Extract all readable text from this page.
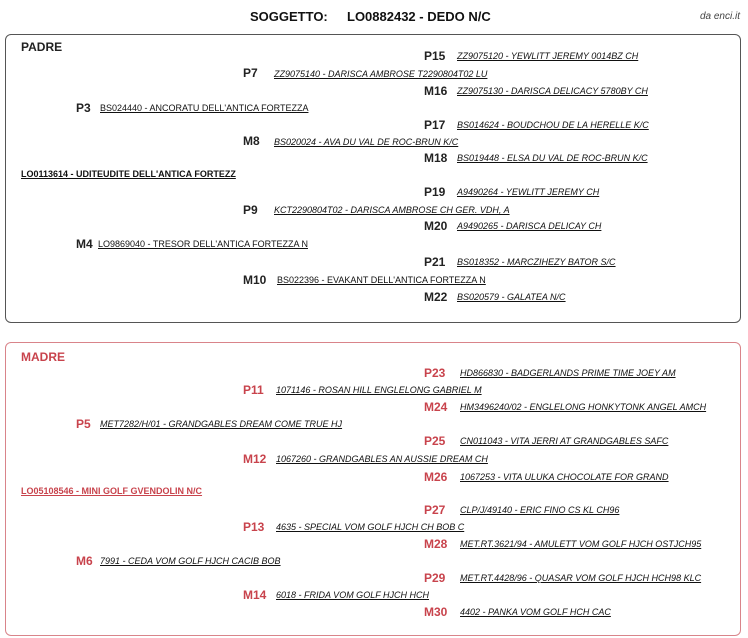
SOGGETTO: LO0882432 - DEDO N/C	da enci.it
PADRE
P15 ZZ9075120 - YEWLITT JEREMY 0014BZ CH
P7 ZZ9075140 - DARISCA AMBROSE T2290804T02 LU
M16 ZZ9075130 - DARISCA DELICACY 5780BY CH
P3 BS024440 - ANCORATU DELL'ANTICA FORTEZZA
P17 BS014624 - BOUDCHOU DE LA HERELLE K/C
M8 BS020024 - AVA DU VAL DE ROC-BRUN K/C
M18 BS019448 - ELSA DU VAL DE ROC-BRUN K/C
LO0113614 - UDITEUDITE DELL'ANTICA FORTEZZ
P19 A9490264 - YEWLITT JEREMY CH
P9 KCT2290804T02 - DARISCA AMBROSE CH GER. VDH, A
M20 A9490265 - DARISCA DELICAY CH
M4 LO9869040 - TRESOR DELL'ANTICA FORTEZZA N
P21 BS018352 - MARCZIHEZY BATOR S/C
M10 BS022396 - EVAKANT DELL'ANTICA FORTEZZA N
M22 BS020579 - GALATEA N/C
MADRE
P23 HD866830 - BADGERLANDS PRIME TIME JOEY AM
P11 1071146 - ROSAN HILL ENGLELONG GABRIEL M
M24 HM3496240/02 - ENGLELONG HONKYTONK ANGEL AMCH
P5 MET7282/H/01 - GRANDGABLES DREAM COME TRUE HJ
P25 CN011043 - VITA JERRI AT GRANDGABLES SAFC
M12 1067260 - GRANDGABLES AN AUSSIE DREAM CH
M26 1067253 - VITA ULUKA CHOCOLATE FOR GRAND
LO05108546 - MINI GOLF GVENDOLIN N/C
P27 CLP/J/49140 - ERIC FINO CS KL CH96
P13 4635 - SPECIAL VOM GOLF HJCH CH BOB C
M28 MET.RT.3621/94 - AMULETT VOM GOLF HJCH OSTJCH95
M6 7991 - CEDA VOM GOLF HJCH CACIB BOB
P29 MET.RT.4428/96 - QUASAR VOM GOLF HJCH HCH98 KLC
M14 6018 - FRIDA VOM GOLF HJCH HCH
M30 4402 - PANKA VOM GOLF HCH CAC
